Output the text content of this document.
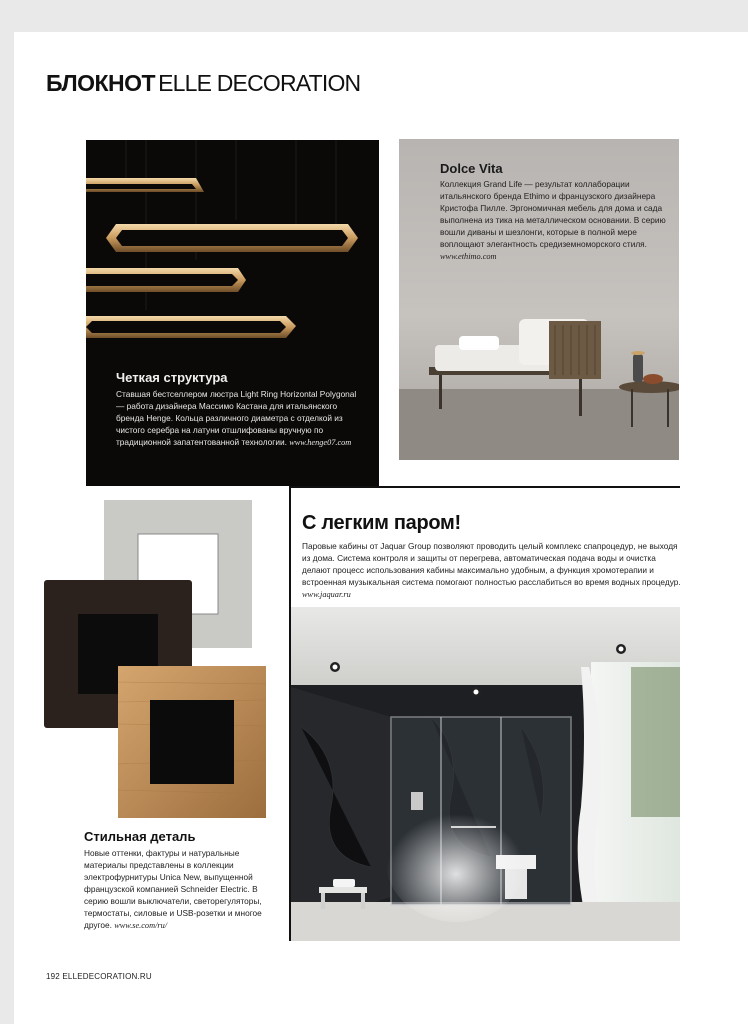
БЛОКНОТ ELLE DECORATION
Четкая структура
Ставшая бестселлером люстра Light Ring Horizontal Polygonal — работа дизайнера Массимо Кастана для итальянского бренда Henge. Кольца различного диаметра с отделкой из чистого серебра на латуни отшлифованы вручную по традиционной запатентованной технологии. www.henge07.com
Dolce Vita
Коллекция Grand Life — результат коллаборации итальянского бренда Ethimo и французского дизайнера Кристофа Пилле. Эргономичная мебель для дома и сада выполнена из тика на металлическом основании. В серию вошли диваны и шезлонги, которые в полной мере воплощают элегантность средиземноморского стиля. www.ethimo.com
Стильная деталь
Новые оттенки, фактуры и натуральные материалы представлены в коллекции электрофурнитуры Unica New, выпущенной французской компанией Schneider Electric. В серию вошли выключатели, светорегуляторы, термостаты, силовые и USB-розетки и многое другое. www.se.com/ru/
С легким паром!
Паровые кабины от Jaquar Group позволяют проводить целый комплекс спапроцедур, не выходя из дома. Система контроля и защиты от перегрева, автоматическая подача воды и очистка делают процесс использования кабины максимально удобным, а функция хромотерапии и встроенная музыкальная система помогают полностью расслабиться во время водных процедур. www.jaquar.ru
192 ELLEDECORATION.RU
